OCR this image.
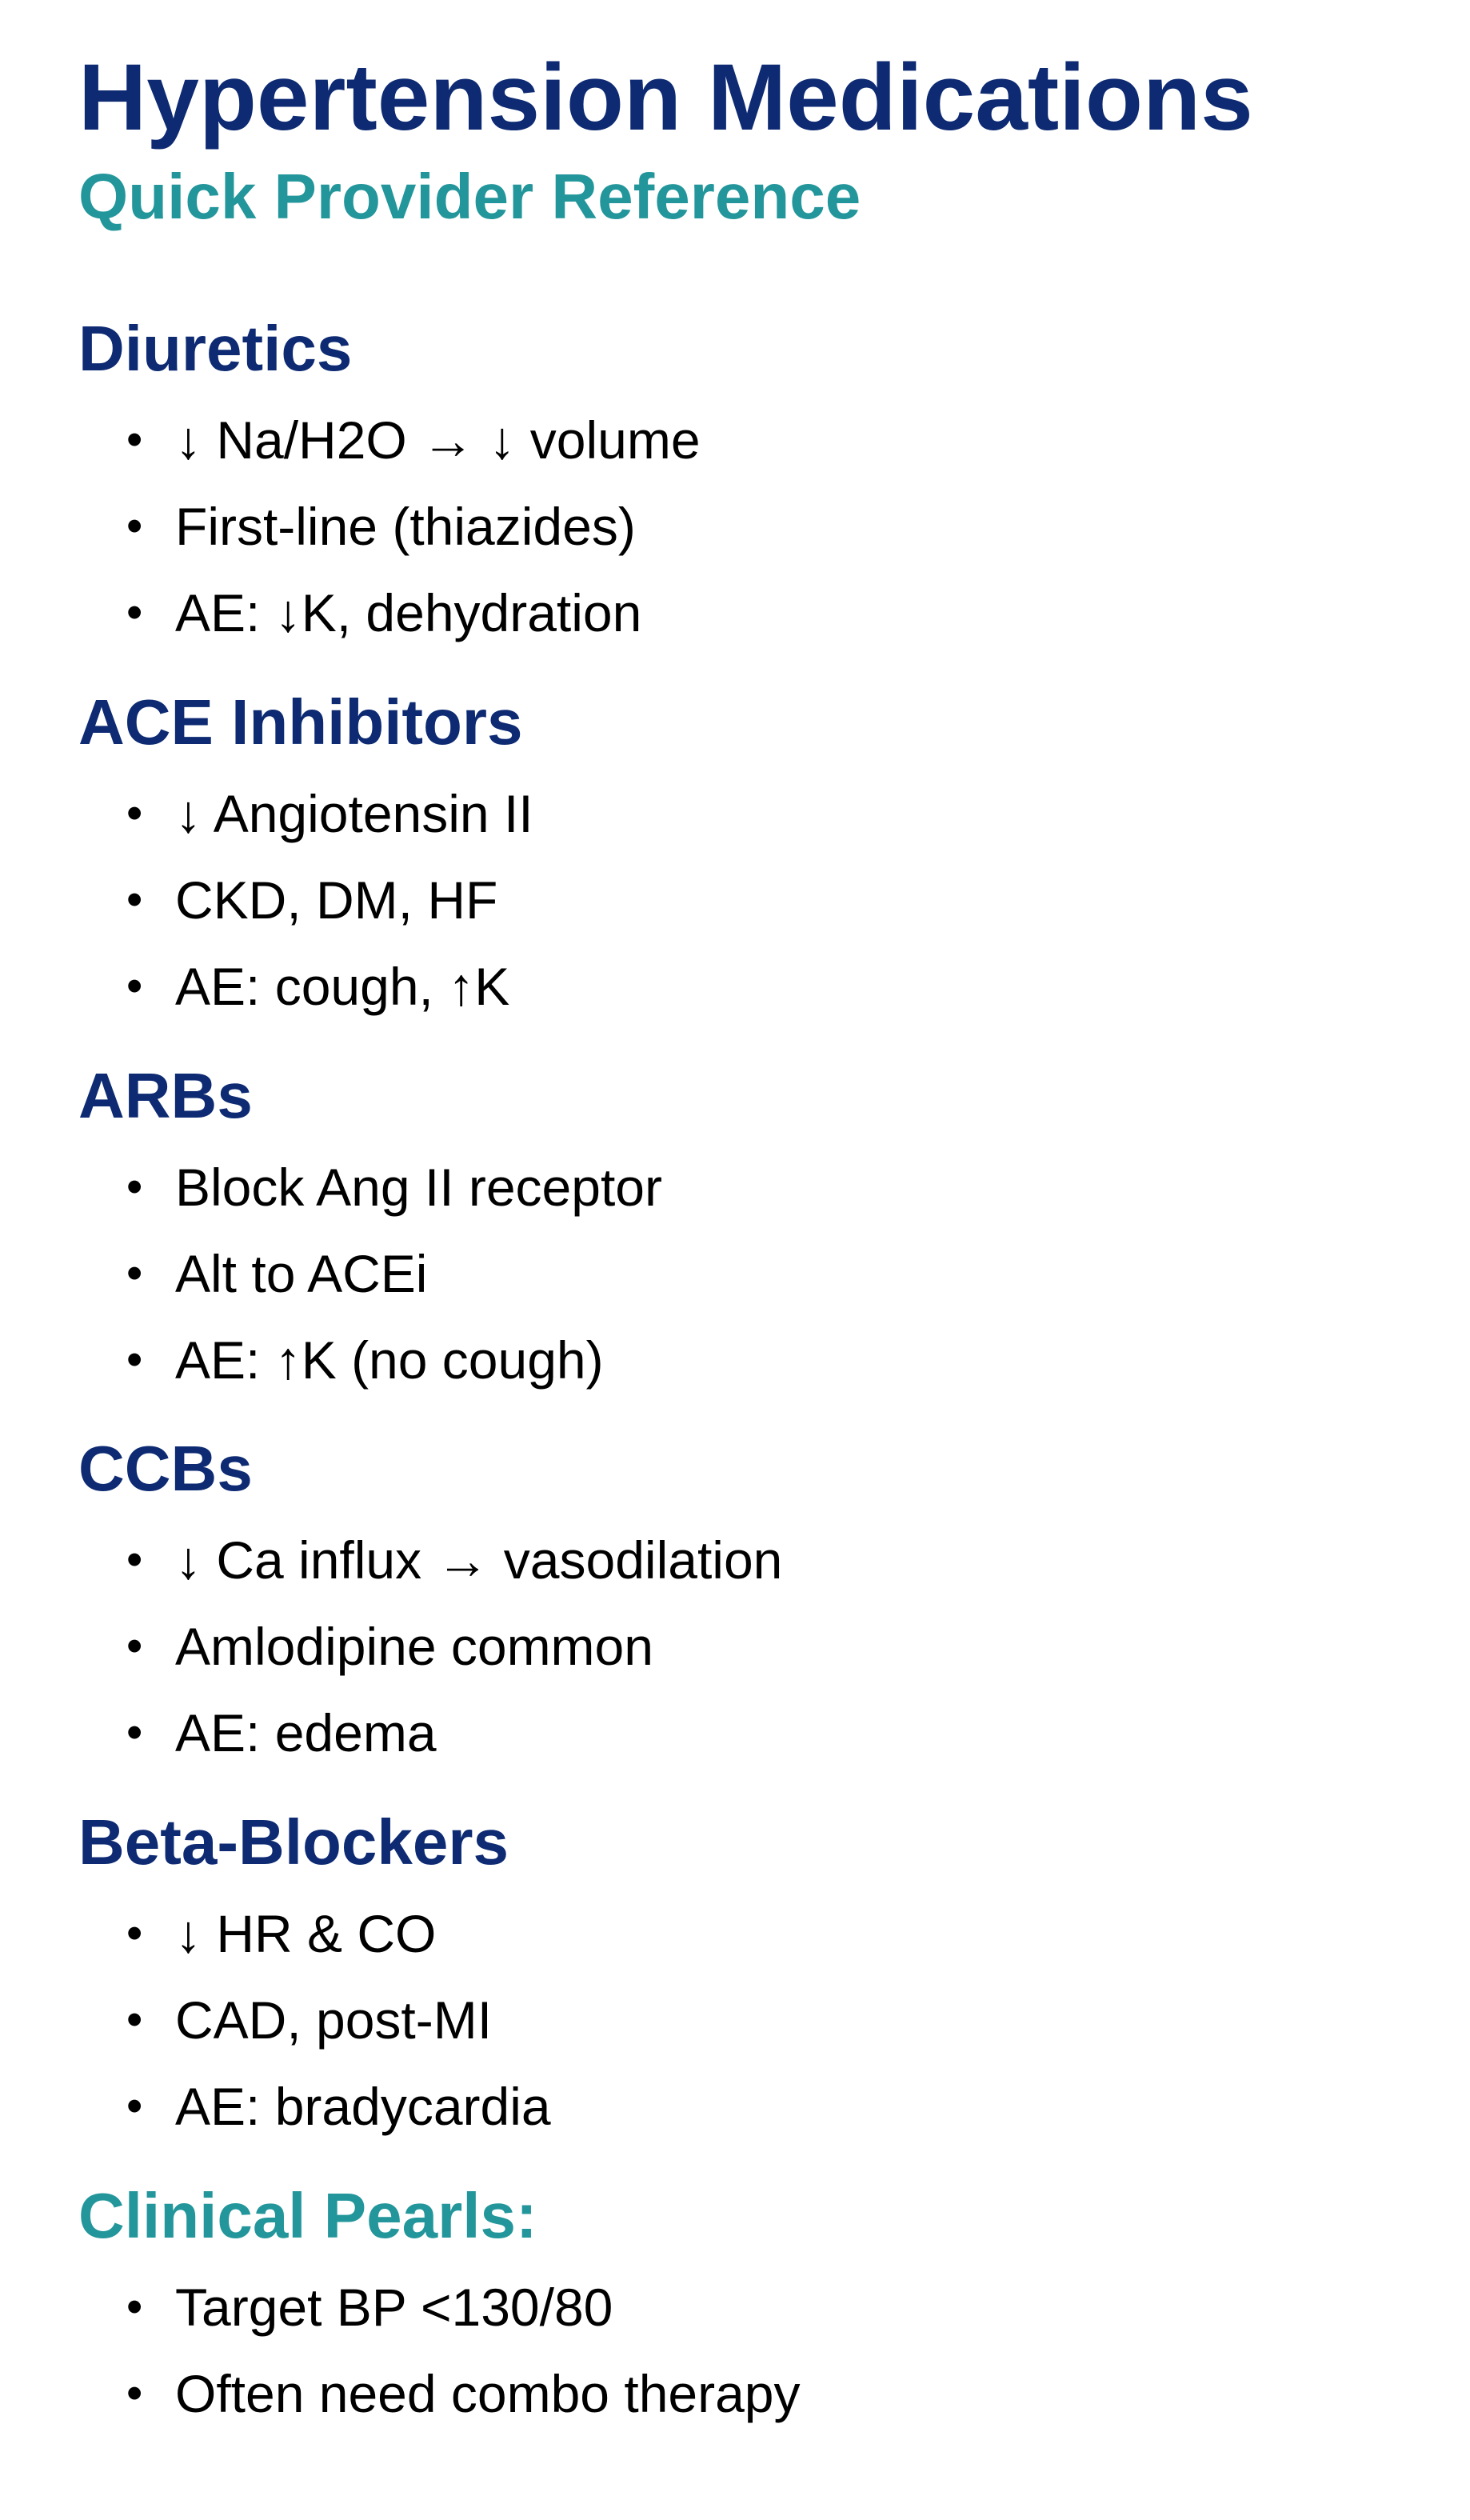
Hypertension Medications
Quick Provider Reference
Diuretics
• ↓ Na/H2O → ↓ volume
• First-line (thiazides)
• AE: ↓K, dehydration
ACE Inhibitors
• ↓ Angiotensin II
• CKD, DM, HF
• AE: cough, ↑K
ARBs
• Block Ang II receptor
• Alt to ACEi
• AE: ↑K (no cough)
CCBs
• ↓ Ca influx → vasodilation
• Amlodipine common
• AE: edema
Beta-Blockers
• ↓ HR & CO
• CAD, post-MI
• AE: bradycardia
Clinical Pearls:
• Target BP <130/80
• Often need combo therapy
